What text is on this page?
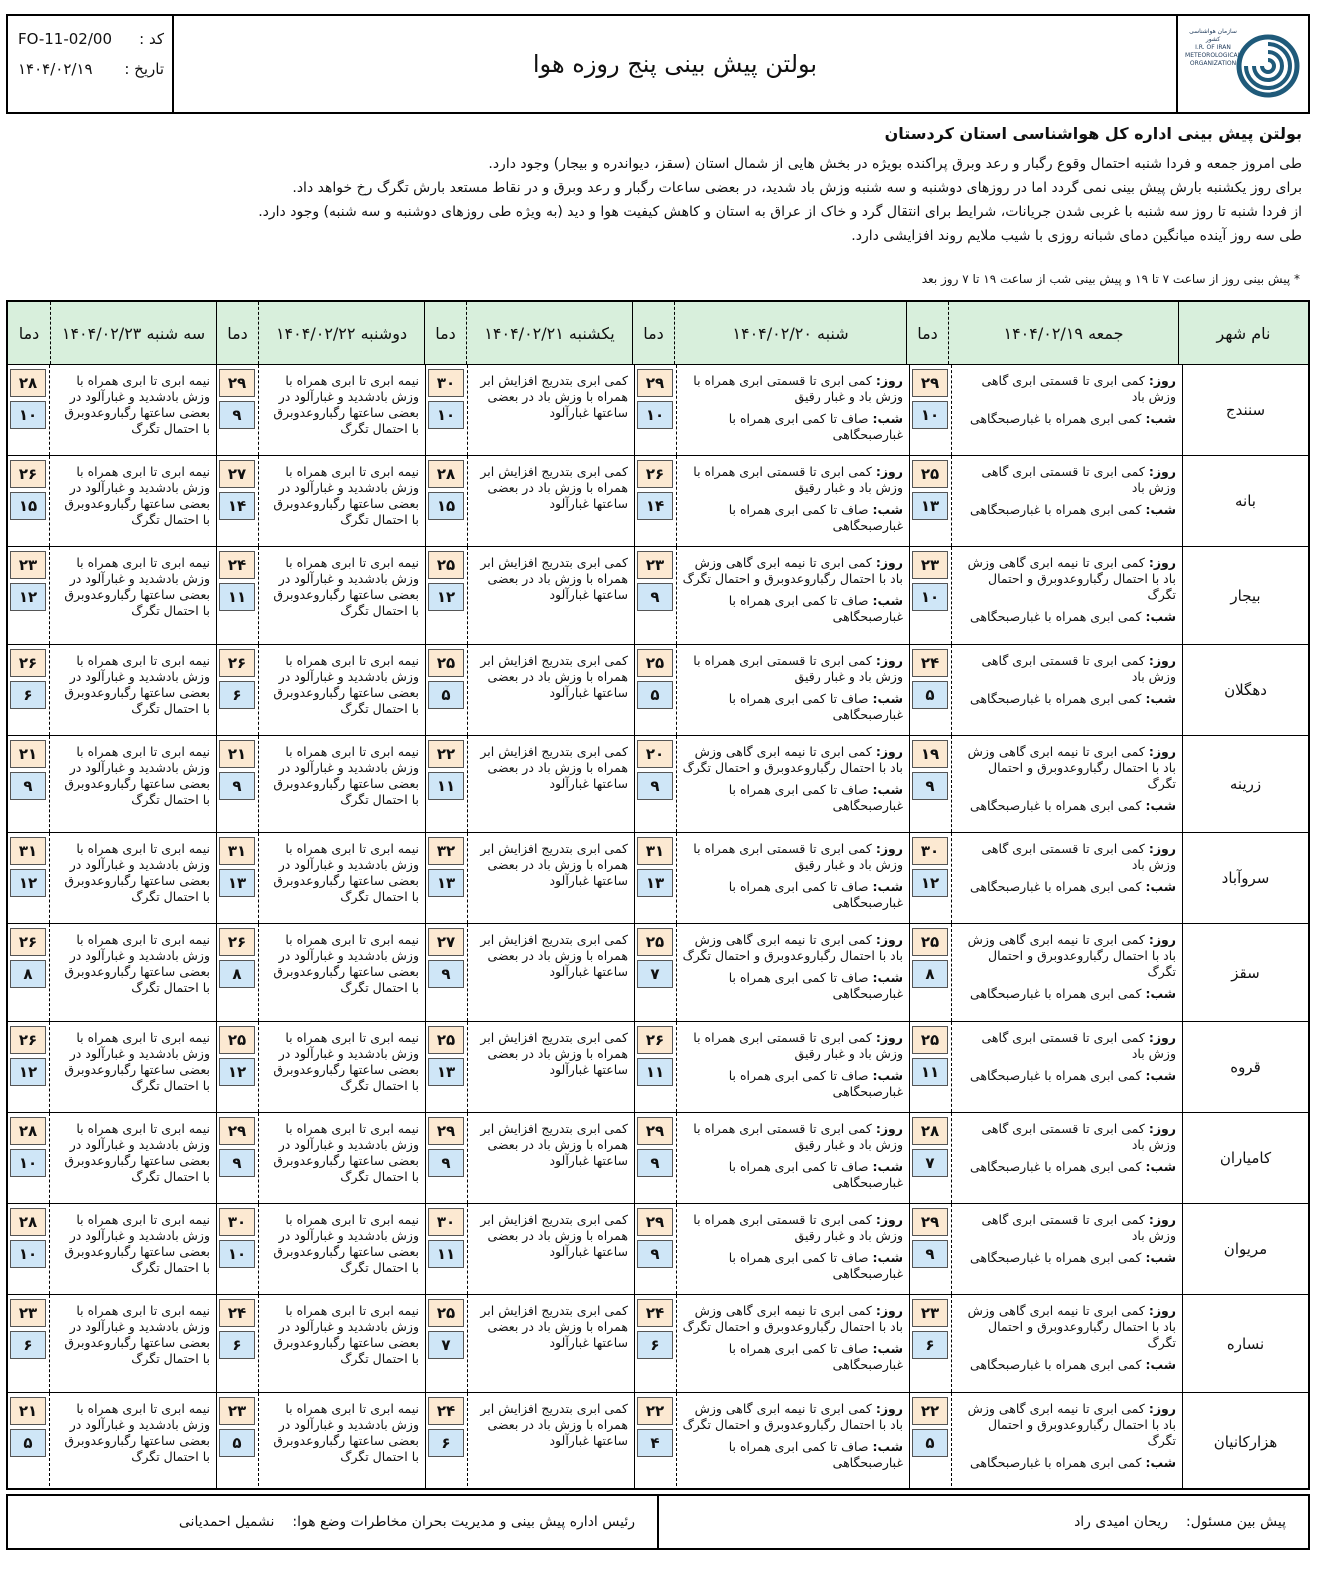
کد :
FO-11-02/00
تاریخ :
۱۴۰۴/۰۲/۱۹	بولتن پیش بینی پنج روزه هوا
سازمان هواشناسی کشور
I.R. OF IRAN
METEOROLOGICAL
ORGANIZATION
بولتن پیش بینی اداره کل هواشناسی استان کردستان
طی امروز جمعه و فردا شنبه احتمال وقوع رگبار و رعد وبرق پراکنده بویژه در بخش هایی از شمال استان (سقز، دیواندره و بیجار) وجود دارد.
برای روز یکشنبه بارش پیش بینی نمی گردد اما در روزهای دوشنبه و سه شنبه وزش باد شدید، در بعضی ساعات رگبار و رعد وبرق و در نقاط مستعد بارش تگرگ رخ خواهد داد.
از فردا شنبه تا روز سه شنبه با غربی شدن جریانات، شرایط برای انتقال گرد و خاک از عراق به استان و کاهش کیفیت هوا و دید (به ویژه طی روزهای دوشنبه و سه شنبه) وجود دارد.
طی سه روز آینده میانگین دمای شبانه روزی با شیب ملایم روند افزایشی دارد.
* پیش بینی روز از ساعت ۷ تا ۱۹ و پیش بینی شب از ساعت ۱۹ تا ۷ روز بعد
نام شهر
جمعه ۱۴۰۴/۰۲/۱۹
دما
شنبه ۱۴۰۴/۰۲/۲۰
دما
یکشنبه ۱۴۰۴/۰۲/۲۱
دما
دوشنبه ۱۴۰۴/۰۲/۲۲
دما
سه شنبه ۱۴۰۴/۰۲/۲۳
دما
سنندج
روز: کمی ابری تا قسمتی ابری گاهی وزش باد
شب: کمی ابری همراه با غبارصبحگاهی
۲۹
۱۰
روز: کمی ابری تا قسمتی ابری همراه با وزش باد و غبار رقیق
شب: صاف تا کمی ابری همراه با غبارصبحگاهی
۲۹
۱۰
کمی ابری بتدریج افزایش ابر همراه با وزش باد در بعضی ساعتها غبارآلود
۳۰
۱۰
نیمه ابری تا ابری همراه با وزش بادشدید و غبارآلود در بعضی ساعتها رگباروعدوبرق با احتمال تگرگ
۲۹
۹
نیمه ابری تا ابری همراه با وزش بادشدید و غبارآلود در بعضی ساعتها رگباروعدوبرق با احتمال تگرگ
۲۸
۱۰
بانه
روز: کمی ابری تا قسمتی ابری گاهی وزش باد
شب: کمی ابری همراه با غبارصبحگاهی
۲۵
۱۳
روز: کمی ابری تا قسمتی ابری همراه با وزش باد و غبار رقیق
شب: صاف تا کمی ابری همراه با غبارصبحگاهی
۲۶
۱۴
کمی ابری بتدریج افزایش ابر همراه با وزش باد در بعضی ساعتها غبارآلود
۲۸
۱۵
نیمه ابری تا ابری همراه با وزش بادشدید و غبارآلود در بعضی ساعتها رگباروعدوبرق با احتمال تگرگ
۲۷
۱۴
نیمه ابری تا ابری همراه با وزش بادشدید و غبارآلود در بعضی ساعتها رگباروعدوبرق با احتمال تگرگ
۲۶
۱۵
بیجار
روز: کمی ابری تا نیمه ابری گاهی وزش باد با احتمال رگباروعدوبرق و احتمال تگرگ
شب: کمی ابری همراه با غبارصبحگاهی
۲۳
۱۰
روز: کمی ابری تا نیمه ابری گاهی وزش باد با احتمال رگباروعدوبرق و احتمال تگرگ
شب: صاف تا کمی ابری همراه با غبارصبحگاهی
۲۳
۹
کمی ابری بتدریج افزایش ابر همراه با وزش باد در بعضی ساعتها غبارآلود
۲۵
۱۲
نیمه ابری تا ابری همراه با وزش بادشدید و غبارآلود در بعضی ساعتها رگباروعدوبرق با احتمال تگرگ
۲۴
۱۱
نیمه ابری تا ابری همراه با وزش بادشدید و غبارآلود در بعضی ساعتها رگباروعدوبرق با احتمال تگرگ
۲۳
۱۲
دهگلان
روز: کمی ابری تا قسمتی ابری گاهی وزش باد
شب: کمی ابری همراه با غبارصبحگاهی
۲۴
۵
روز: کمی ابری تا قسمتی ابری همراه با وزش باد و غبار رقیق
شب: صاف تا کمی ابری همراه با غبارصبحگاهی
۲۵
۵
کمی ابری بتدریج افزایش ابر همراه با وزش باد در بعضی ساعتها غبارآلود
۲۵
۵
نیمه ابری تا ابری همراه با وزش بادشدید و غبارآلود در بعضی ساعتها رگباروعدوبرق با احتمال تگرگ
۲۶
۶
نیمه ابری تا ابری همراه با وزش بادشدید و غبارآلود در بعضی ساعتها رگباروعدوبرق با احتمال تگرگ
۲۶
۶
زرینه
روز: کمی ابری تا نیمه ابری گاهی وزش باد با احتمال رگباروعدوبرق و احتمال تگرگ
شب: کمی ابری همراه با غبارصبحگاهی
۱۹
۹
روز: کمی ابری تا نیمه ابری گاهی وزش باد با احتمال رگباروعدوبرق و احتمال تگرگ
شب: صاف تا کمی ابری همراه با غبارصبحگاهی
۲۰
۹
کمی ابری بتدریج افزایش ابر همراه با وزش باد در بعضی ساعتها غبارآلود
۲۲
۱۱
نیمه ابری تا ابری همراه با وزش بادشدید و غبارآلود در بعضی ساعتها رگباروعدوبرق با احتمال تگرگ
۲۱
۹
نیمه ابری تا ابری همراه با وزش بادشدید و غبارآلود در بعضی ساعتها رگباروعدوبرق با احتمال تگرگ
۲۱
۹
سروآباد
روز: کمی ابری تا قسمتی ابری گاهی وزش باد
شب: کمی ابری همراه با غبارصبحگاهی
۳۰
۱۲
روز: کمی ابری تا قسمتی ابری همراه با وزش باد و غبار رقیق
شب: صاف تا کمی ابری همراه با غبارصبحگاهی
۳۱
۱۳
کمی ابری بتدریج افزایش ابر همراه با وزش باد در بعضی ساعتها غبارآلود
۳۲
۱۳
نیمه ابری تا ابری همراه با وزش بادشدید و غبارآلود در بعضی ساعتها رگباروعدوبرق با احتمال تگرگ
۳۱
۱۳
نیمه ابری تا ابری همراه با وزش بادشدید و غبارآلود در بعضی ساعتها رگباروعدوبرق با احتمال تگرگ
۳۱
۱۲
سقز
روز: کمی ابری تا نیمه ابری گاهی وزش باد با احتمال رگباروعدوبرق و احتمال تگرگ
شب: کمی ابری همراه با غبارصبحگاهی
۲۵
۸
روز: کمی ابری تا نیمه ابری گاهی وزش باد با احتمال رگباروعدوبرق و احتمال تگرگ
شب: صاف تا کمی ابری همراه با غبارصبحگاهی
۲۵
۷
کمی ابری بتدریج افزایش ابر همراه با وزش باد در بعضی ساعتها غبارآلود
۲۷
۹
نیمه ابری تا ابری همراه با وزش بادشدید و غبارآلود در بعضی ساعتها رگباروعدوبرق با احتمال تگرگ
۲۶
۸
نیمه ابری تا ابری همراه با وزش بادشدید و غبارآلود در بعضی ساعتها رگباروعدوبرق با احتمال تگرگ
۲۶
۸
قروه
روز: کمی ابری تا قسمتی ابری گاهی وزش باد
شب: کمی ابری همراه با غبارصبحگاهی
۲۵
۱۱
روز: کمی ابری تا قسمتی ابری همراه با وزش باد و غبار رقیق
شب: صاف تا کمی ابری همراه با غبارصبحگاهی
۲۶
۱۱
کمی ابری بتدریج افزایش ابر همراه با وزش باد در بعضی ساعتها غبارآلود
۲۵
۱۳
نیمه ابری تا ابری همراه با وزش بادشدید و غبارآلود در بعضی ساعتها رگباروعدوبرق با احتمال تگرگ
۲۵
۱۲
نیمه ابری تا ابری همراه با وزش بادشدید و غبارآلود در بعضی ساعتها رگباروعدوبرق با احتمال تگرگ
۲۶
۱۲
کامیاران
روز: کمی ابری تا قسمتی ابری گاهی وزش باد
شب: کمی ابری همراه با غبارصبحگاهی
۲۸
۷
روز: کمی ابری تا قسمتی ابری همراه با وزش باد و غبار رقیق
شب: صاف تا کمی ابری همراه با غبارصبحگاهی
۲۹
۹
کمی ابری بتدریج افزایش ابر همراه با وزش باد در بعضی ساعتها غبارآلود
۲۹
۹
نیمه ابری تا ابری همراه با وزش بادشدید و غبارآلود در بعضی ساعتها رگباروعدوبرق با احتمال تگرگ
۲۹
۹
نیمه ابری تا ابری همراه با وزش بادشدید و غبارآلود در بعضی ساعتها رگباروعدوبرق با احتمال تگرگ
۲۸
۱۰
مریوان
روز: کمی ابری تا قسمتی ابری گاهی وزش باد
شب: کمی ابری همراه با غبارصبحگاهی
۲۹
۹
روز: کمی ابری تا قسمتی ابری همراه با وزش باد و غبار رقیق
شب: صاف تا کمی ابری همراه با غبارصبحگاهی
۲۹
۹
کمی ابری بتدریج افزایش ابر همراه با وزش باد در بعضی ساعتها غبارآلود
۳۰
۱۱
نیمه ابری تا ابری همراه با وزش بادشدید و غبارآلود در بعضی ساعتها رگباروعدوبرق با احتمال تگرگ
۳۰
۱۰
نیمه ابری تا ابری همراه با وزش بادشدید و غبارآلود در بعضی ساعتها رگباروعدوبرق با احتمال تگرگ
۲۸
۱۰
نساره
روز: کمی ابری تا نیمه ابری گاهی وزش باد با احتمال رگباروعدوبرق و احتمال تگرگ
شب: کمی ابری همراه با غبارصبحگاهی
۲۳
۶
روز: کمی ابری تا نیمه ابری گاهی وزش باد با احتمال رگباروعدوبرق و احتمال تگرگ
شب: صاف تا کمی ابری همراه با غبارصبحگاهی
۲۴
۶
کمی ابری بتدریج افزایش ابر همراه با وزش باد در بعضی ساعتها غبارآلود
۲۵
۷
نیمه ابری تا ابری همراه با وزش بادشدید و غبارآلود در بعضی ساعتها رگباروعدوبرق با احتمال تگرگ
۲۴
۶
نیمه ابری تا ابری همراه با وزش بادشدید و غبارآلود در بعضی ساعتها رگباروعدوبرق با احتمال تگرگ
۲۳
۶
هزارکانیان
روز: کمی ابری تا نیمه ابری گاهی وزش باد با احتمال رگباروعدوبرق و احتمال تگرگ
شب: کمی ابری همراه با غبارصبحگاهی
۲۲
۵
روز: کمی ابری تا نیمه ابری گاهی وزش باد با احتمال رگباروعدوبرق و احتمال تگرگ
شب: صاف تا کمی ابری همراه با غبارصبحگاهی
۲۲
۴
کمی ابری بتدریج افزایش ابر همراه با وزش باد در بعضی ساعتها غبارآلود
۲۴
۶
نیمه ابری تا ابری همراه با وزش بادشدید و غبارآلود در بعضی ساعتها رگباروعدوبرق با احتمال تگرگ
۲۳
۵
نیمه ابری تا ابری همراه با وزش بادشدید و غبارآلود در بعضی ساعتها رگباروعدوبرق با احتمال تگرگ
۲۱
۵
پیش بین مسئول:
ریحان امیدی راد
رئیس اداره پیش بینی و مدیریت بحران مخاطرات وضع هوا:
نشمیل احمدیانی
